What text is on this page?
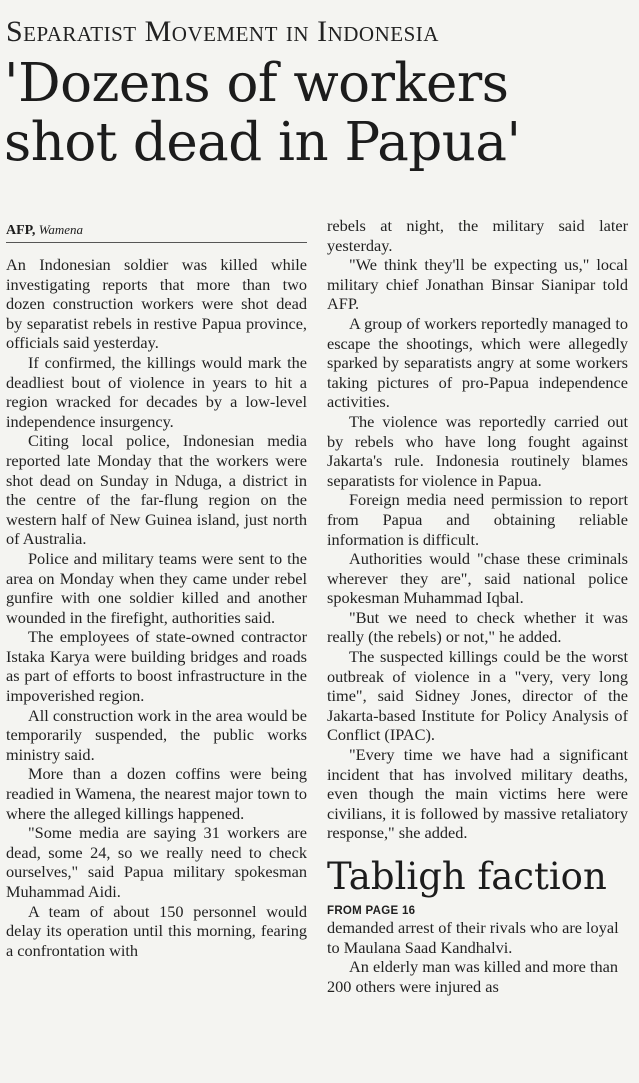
Separatist Movement in Indonesia
'Dozens of workers
shot dead in Papua'
AFP, Wamena

An Indonesian soldier was killed while investigating reports that more than two dozen construction workers were shot dead by separatist rebels in restive Papua province, officials said yesterday.

If confirmed, the killings would mark the deadliest bout of violence in years to hit a region wracked for decades by a low-level independence insurgency.

Citing local police, Indonesian media reported late Monday that the workers were shot dead on Sunday in Nduga, a district in the centre of the far-flung region on the western half of New Guinea island, just north of Australia.

Police and military teams were sent to the area on Monday when they came under rebel gunfire with one soldier killed and another wounded in the firefight, authorities said.

The employees of state-owned contractor Istaka Karya were building bridges and roads as part of efforts to boost infrastructure in the impoverished region.

All construction work in the area would be temporarily suspended, the public works ministry said.

More than a dozen coffins were being readied in Wamena, the nearest major town to where the alleged killings happened.

"Some media are saying 31 workers are dead, some 24, so we really need to check ourselves," said Papua military spokesman Muhammad Aidi.

A team of about 150 personnel would delay its operation until this morning, fearing a confrontation with

rebels at night, the military said later yesterday.

"We think they'll be expecting us," local military chief Jonathan Binsar Sianipar told AFP.

A group of workers reportedly managed to escape the shootings, which were allegedly sparked by separatists angry at some workers taking pictures of pro-Papua independence activities.

The violence was reportedly carried out by rebels who have long fought against Jakarta's rule. Indonesia routinely blames separatists for violence in Papua.

Foreign media need permission to report from Papua and obtaining reliable information is difficult.

Authorities would "chase these criminals wherever they are", said national police spokesman Muhammad Iqbal.

"But we need to check whether it was really (the rebels) or not," he added.

The suspected killings could be the worst outbreak of violence in a "very, very long time", said Sidney Jones, director of the Jakarta-based Institute for Policy Analysis of Conflict (IPAC).

"Every time we have had a significant incident that has involved military deaths, even though the main victims here were civilians, it is followed by massive retaliatory response," she added.

Tabligh faction
FROM PAGE 16

demanded arrest of their rivals who are loyal to Maulana Saad Kandhalvi.

An elderly man was killed and more than 200 others were injured as
